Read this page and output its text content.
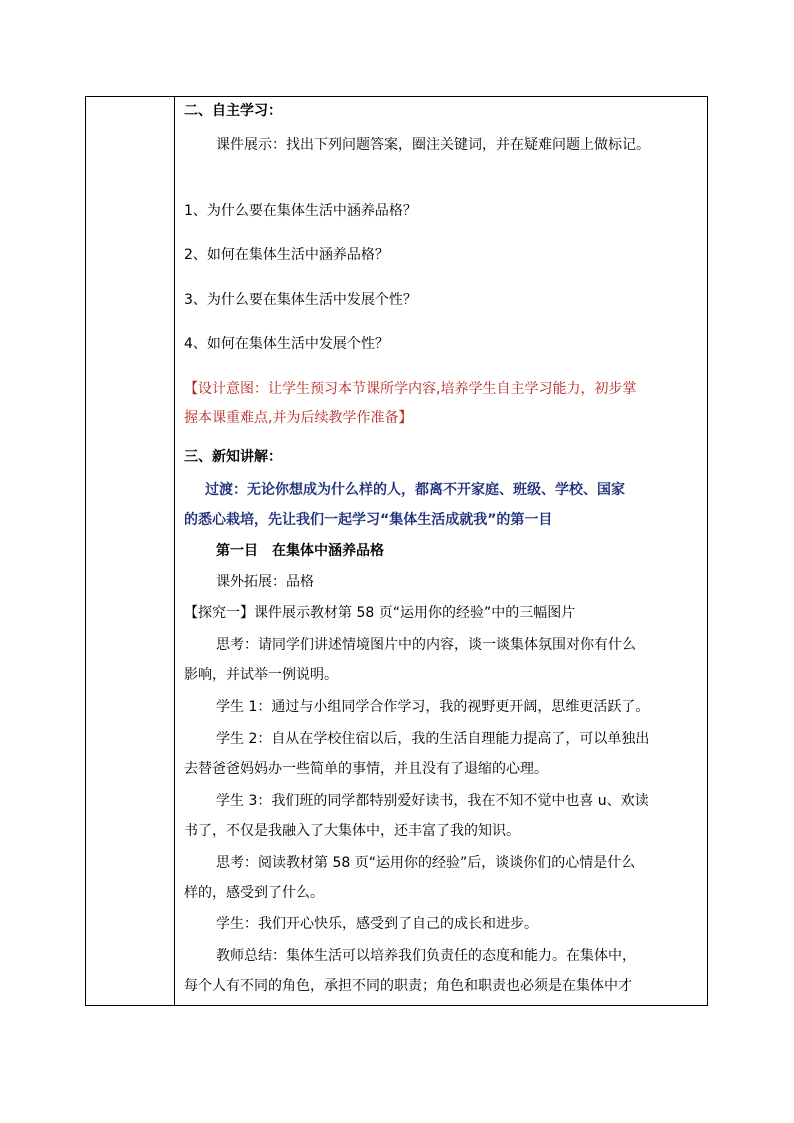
二、自主学习：
课件展示：找出下列问题答案，圈注关键词，并在疑难问题上做标记。
1、为什么要在集体生活中涵养品格？
2、如何在集体生活中涵养品格？
3、为什么要在集体生活中发展个性？
4、如何在集体生活中发展个性？
【设计意图：让学生预习本节课所学内容,培养学生自主学习能力，初步掌
握本课重难点,并为后续教学作准备】
三、新知讲解：
过渡：无论你想成为什么样的人，都离不开家庭、班级、学校、国家
的悉心栽培，先让我们一起学习“集体生活成就我”的第一目
第一目　在集体中涵养品格
课外拓展：品格
【探究一】课件展示教材第 58 页“运用你的经验”中的三幅图片
思考：请同学们讲述情境图片中的内容，谈一谈集体氛围对你有什么
影响，并试举一例说明。
学生 1：通过与小组同学合作学习，我的视野更开阔，思维更活跃了。
学生 2：自从在学校住宿以后，我的生活自理能力提高了，可以单独出
去替爸爸妈妈办一些简单的事情，并且没有了退缩的心理。
学生 3：我们班的同学都特别爱好读书，我在不知不觉中也喜 u、欢读
书了，不仅是我融入了大集体中，还丰富了我的知识。
思考：阅读教材第 58 页“运用你的经验”后，谈谈你们的心情是什么
样的，感受到了什么。
学生：我们开心快乐，感受到了自己的成长和进步。
教师总结：集体生活可以培养我们负责任的态度和能力。在集体中，
每个人有不同的角色，承担不同的职责；角色和职责也必须是在集体中才
